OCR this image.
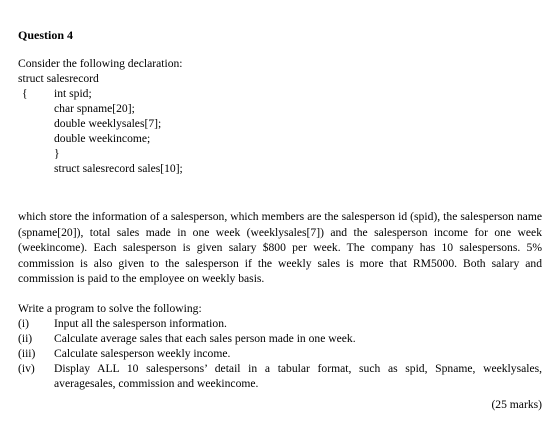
Question 4
Consider the following declaration:
struct salesrecord
{ int spid;
char spname[20];
double weeklysales[7];
double weekincome;
}
struct salesrecord sales[10];
which store the information of a salesperson, which members are the salesperson id (spid), the salesperson name (spname[20]), total sales made in one week (weeklysales[7]) and the salesperson income for one week (weekincome). Each salesperson is given salary $800 per week. The company has 10 salespersons. 5% commission is also given to the salesperson if the weekly sales is more that RM5000. Both salary and commission is paid to the employee on weekly basis.
Write a program to solve the following:
(i)	Input all the salesperson information.
(ii)	Calculate average sales that each sales person made in one week.
(iii)	Calculate salesperson weekly income.
(iv)	Display ALL 10 salespersons’ detail in a tabular format, such as spid, Spname, weeklysales, averagesales, commission and weekincome.
(25 marks)
